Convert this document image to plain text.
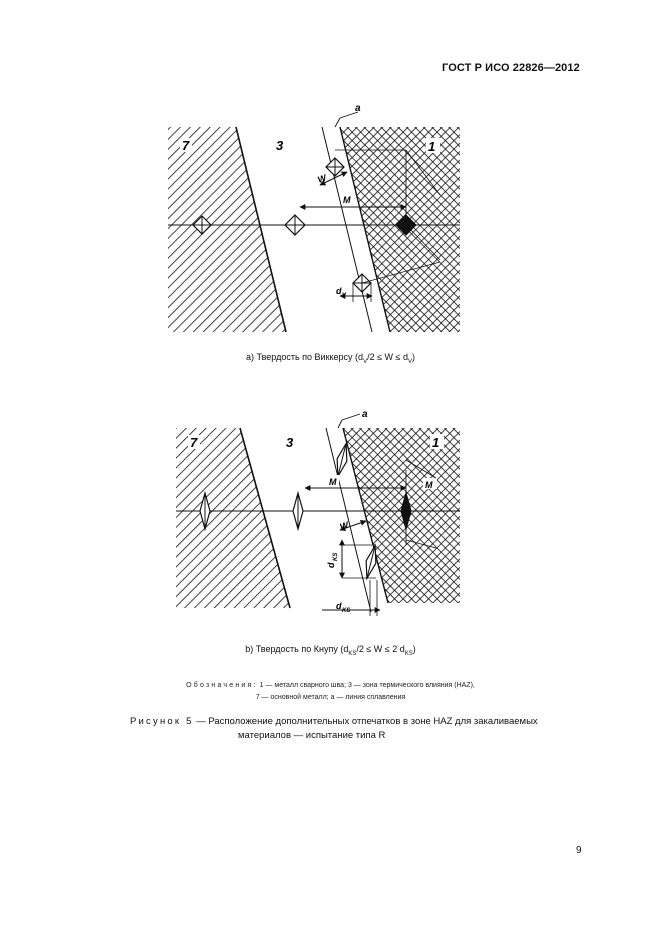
ГОСТ Р ИСО 22826—2012
7	3	1
a
M
W
d V
7	3	1
a
M	M
W
d
KS
d KS
a) Твердость по Виккерсу $(d_V/2 \le W \le d_V)$
b) Твердость по Кнупу ($d_{KS}/2 \le W \le 2$ $d_{KS}$)
Обозначения: 1 — металл сварного шва; 3 — зона термического влияния (HAZ),
7 — основной металл; a — линия сплавления
Рисунок 5 — Расположение дополнительных отпечатков в зоне HAZ для закаливаемых
материалов — испытание типа R
9
